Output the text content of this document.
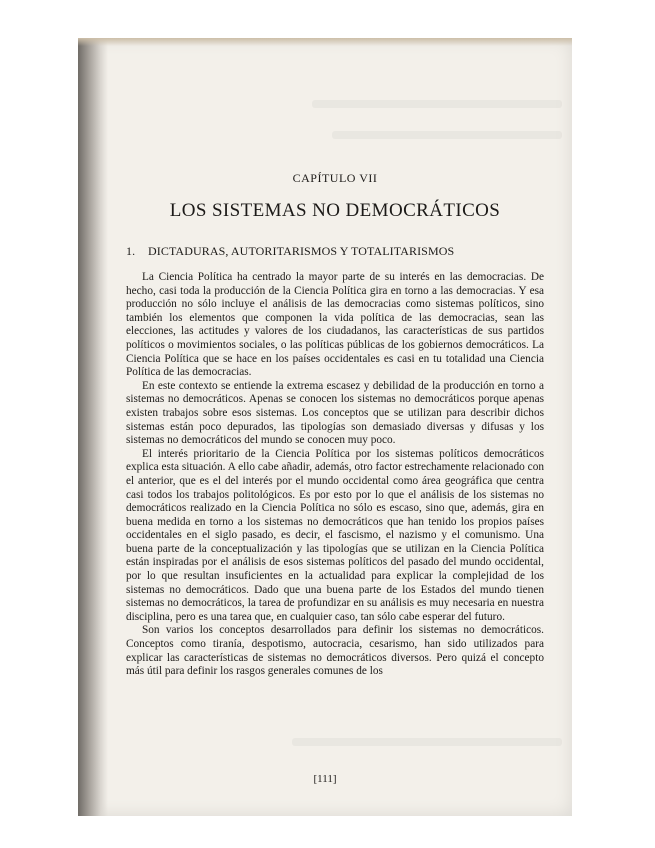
CAPÍTULO VII
LOS SISTEMAS NO DEMOCRÁTICOS
1. DICTADURAS, AUTORITARISMOS Y TOTALITARISMOS

La Ciencia Política ha centrado la mayor parte de su interés en las democracias. De hecho, casi toda la producción de la Ciencia Política gira en torno a las democracias. Y esa producción no sólo incluye el análisis de las democracias como sistemas políticos, sino también los elementos que componen la vida política de las democracias, sean las elecciones, las actitudes y valores de los ciudadanos, las características de sus partidos políticos o movimientos sociales, o las políticas públicas de los gobiernos democráticos. La Ciencia Política que se hace en los países occidentales es casi en tu totalidad una Ciencia Política de las democracias.

En este contexto se entiende la extrema escasez y debilidad de la producción en torno a sistemas no democráticos. Apenas se conocen los sistemas no democráticos porque apenas existen trabajos sobre esos sistemas. Los conceptos que se utilizan para describir dichos sistemas están poco depurados, las tipologías son demasiado diversas y difusas y los sistemas no democráticos del mundo se conocen muy poco.

El interés prioritario de la Ciencia Política por los sistemas políticos democráticos explica esta situación. A ello cabe añadir, además, otro factor estrechamente relacionado con el anterior, que es el del interés por el mundo occidental como área geográfica que centra casi todos los trabajos politológicos. Es por esto por lo que el análisis de los sistemas no democráticos realizado en la Ciencia Política no sólo es escaso, sino que, además, gira en buena medida en torno a los sistemas no democráticos que han tenido los propios países occidentales en el siglo pasado, es decir, el fascismo, el nazismo y el comunismo. Una buena parte de la conceptualización y las tipologías que se utilizan en la Ciencia Política están inspiradas por el análisis de esos sistemas políticos del pasado del mundo occidental, por lo que resultan insuficientes en la actualidad para explicar la complejidad de los sistemas no democráticos. Dado que una buena parte de los Estados del mundo tienen sistemas no democráticos, la tarea de profundizar en su análisis es muy necesaria en nuestra disciplina, pero es una tarea que, en cualquier caso, tan sólo cabe esperar del futuro.

Son varios los conceptos desarrollados para definir los sistemas no democráticos. Conceptos como tiranía, despotismo, autocracia, cesarismo, han sido utilizados para explicar las características de sistemas no democráticos diversos. Pero quizá el concepto más útil para definir los rasgos generales comunes de los

[111]
